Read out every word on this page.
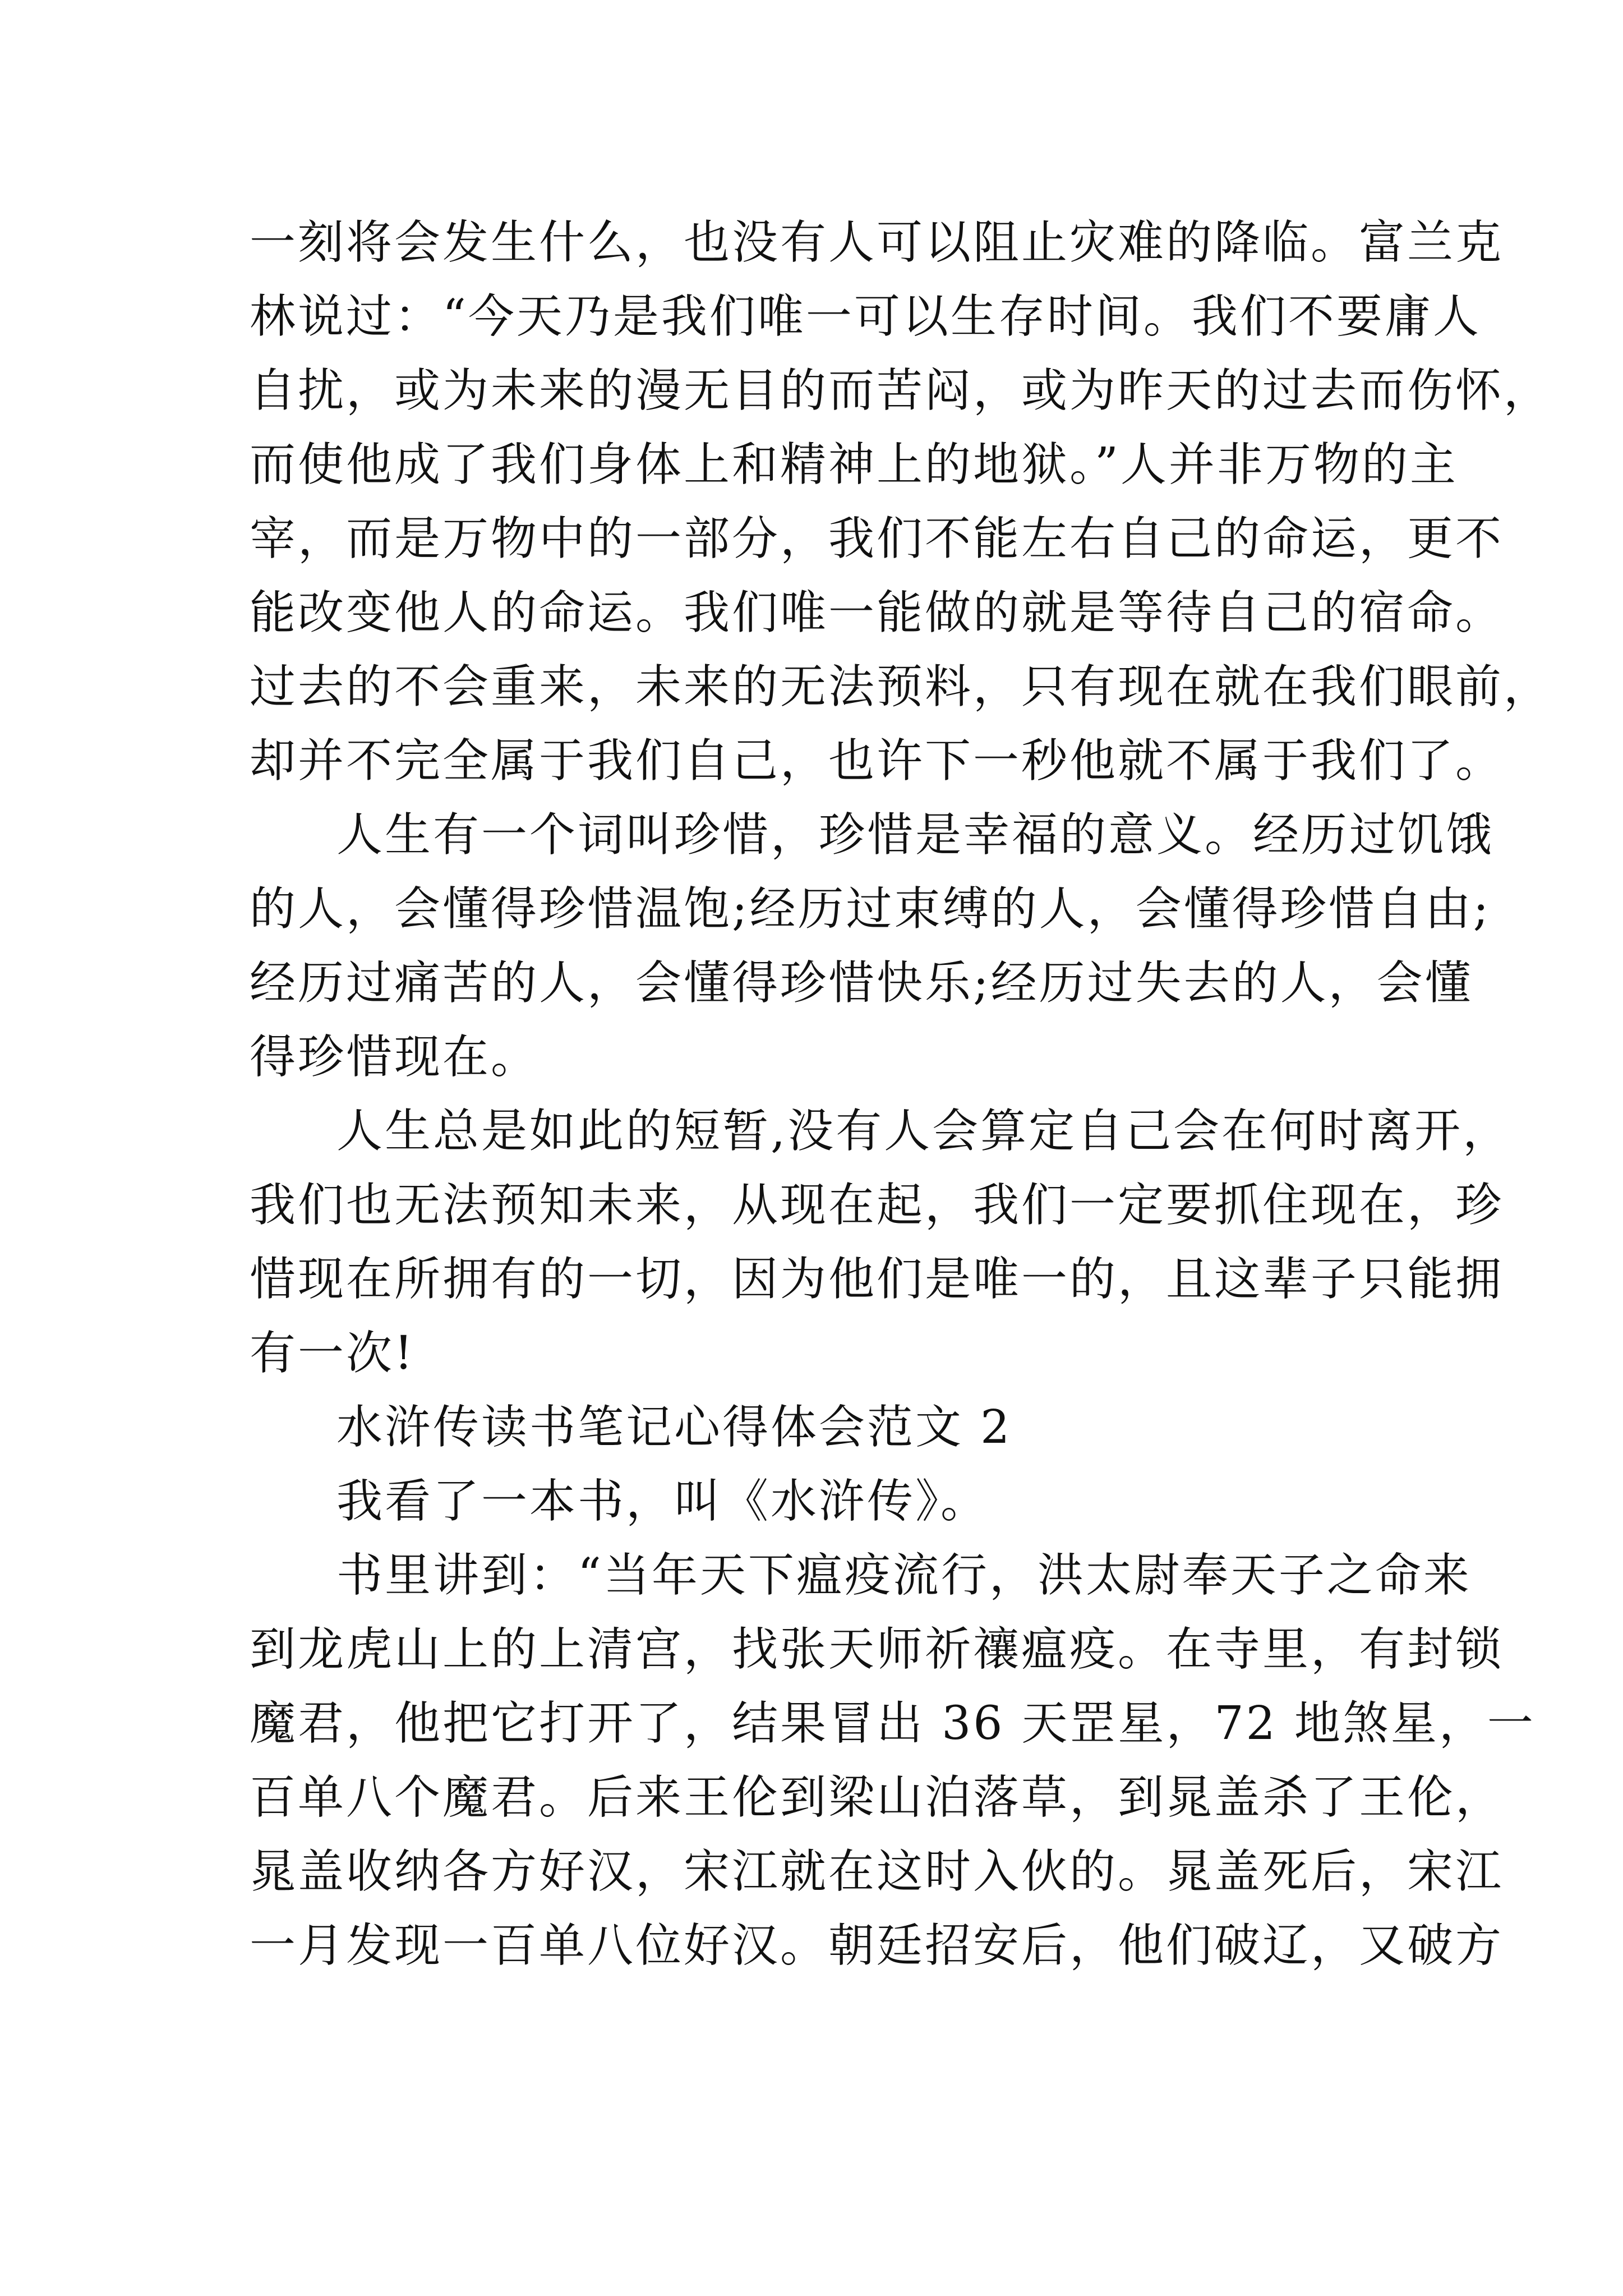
一刻将会发生什么，也没有人可以阻止灾难的降临。富兰克
林说过：“今天乃是我们唯一可以生存时间。我们不要庸人
自扰，或为未来的漫无目的而苦闷，或为昨天的过去而伤怀，
而使他成了我们身体上和精神上的地狱。”人并非万物的主
宰，而是万物中的一部分，我们不能左右自己的命运，更不
能改变他人的命运。我们唯一能做的就是等待自己的宿命。
过去的不会重来，未来的无法预料，只有现在就在我们眼前，
却并不完全属于我们自己，也许下一秒他就不属于我们了。
人生有一个词叫珍惜，珍惜是幸福的意义。经历过饥饿
的人，会懂得珍惜温饱;经历过束缚的人，会懂得珍惜自由;
经历过痛苦的人，会懂得珍惜快乐;经历过失去的人，会懂
得珍惜现在。
人生总是如此的短暂,没有人会算定自己会在何时离开，
我们也无法预知未来，从现在起，我们一定要抓住现在，珍
惜现在所拥有的一切，因为他们是唯一的，且这辈子只能拥
有一次!
水浒传读书笔记心得体会范文 2
我看了一本书，叫《水浒传》。
书里讲到：“当年天下瘟疫流行，洪太尉奉天子之命来
到龙虎山上的上清宫，找张天师祈禳瘟疫。在寺里，有封锁
魔君，他把它打开了，结果冒出 36 天罡星，72 地煞星，一
百单八个魔君。后来王伦到梁山泊落草，到晁盖杀了王伦，
晁盖收纳各方好汉，宋江就在这时入伙的。晁盖死后，宋江
一月发现一百单八位好汉。朝廷招安后，他们破辽，又破方
